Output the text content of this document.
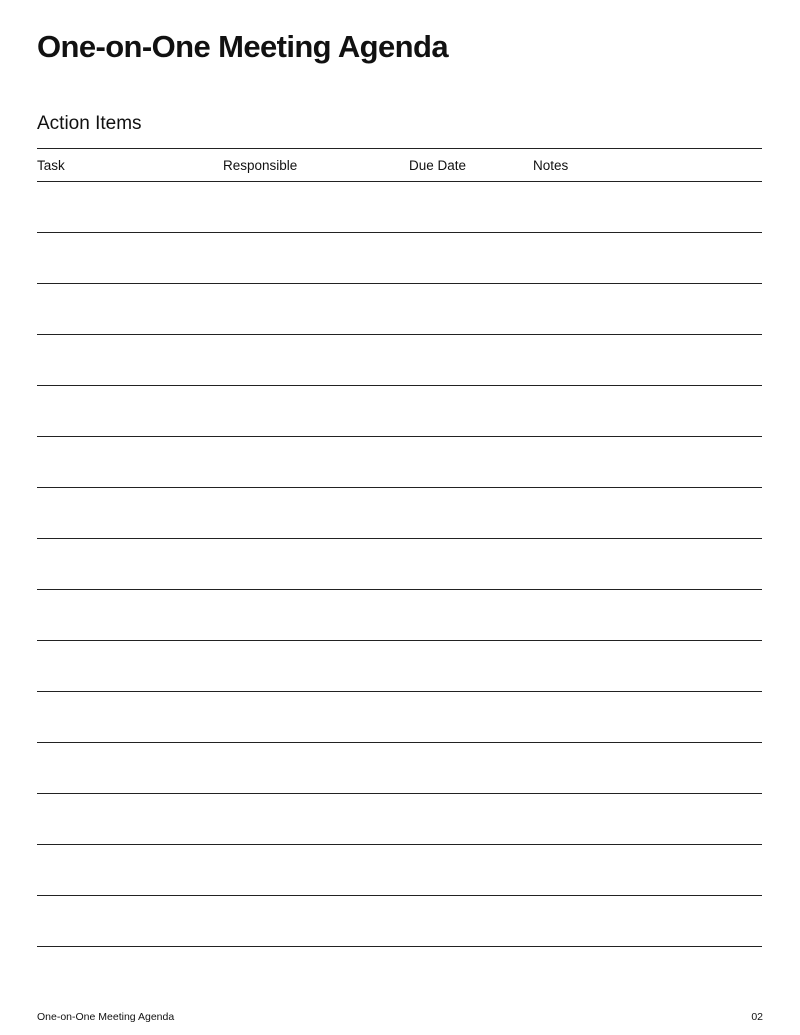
One-on-One Meeting Agenda
Action Items
Task	Responsible	Due Date	Notes
One-on-One Meeting Agenda	02
